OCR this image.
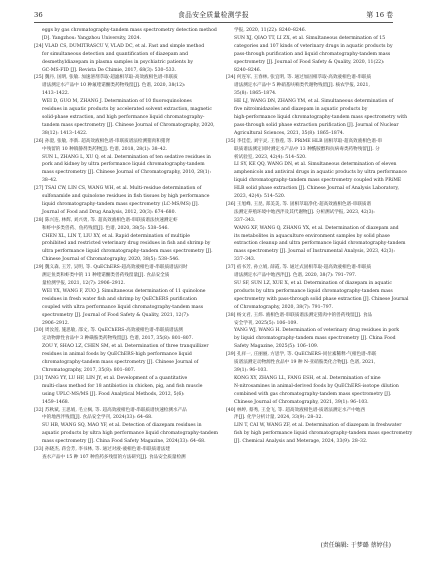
36	食品安全质量检测学报	第 16 卷
eggs by gas chromatography-tandem mass spectrometry detection method
[D]. Yangzhou: Yangzhou University, 2024.
[24] VLAD CS, DUMITRASCU V, VLAD DC, et al. Fast and simple method
for simultaneous detection and quantification of diazepam and
desmethyldiazepam in plasma samples in psychiatric patients by
GC-MS-FID [J]. Revista De Chimie, 2017, 68(3): 530–533.
[25] 魏丹, 国明, 张敏. 加速溶剂萃取-超滤相萃取-高效液相色谱-串联质
谱法测定水产品中 10 种氟喹诺酮类药物残留[J]. 色谱, 2020, 38(12):
1413–1422.
WEI D, GUO M, ZHANG J. Determination of 10 fluoroquinolones
residues in aquatic products by accelerated solvent extraction, magnetic
solid-phase extraction, and high performance liquid chromatography-
tandem mass spectrometry [J]. Chinese Journal of Chromatography, 2020,
38(12): 1413–1422.
[26] 孙澄, 张敏, 李新. 超高效液相色谱-串联质谱法检测猪肉和猪肾
中残留的 10 种镇静剂类药物[J]. 色谱, 2018, 28(1): 38–42.
SUN L, ZHANG L, XU Q, et al. Determination of ten sedative residues in
pork and kidney by ultra performance liquid chromatography-tandem
mass spectrometry [J]. Chinese Journal of Chromatography, 2010, 28(1):
38–42.
[27] TSAI CW, LIN CS, WANG WH, et al. Multi-residue determination of
sulfonamide and quinolone residues in fish tissues by high performance
liquid chromatography-tandem mass spectrometry (LC-MS/MS) [J].
Journal of Food and Drug Analysis, 2012, 20(3): 674–680.
[28] 陈兴连, 林辉, 刘兴勇, 等. 超高效液相色谱-串联质谱法快速测定虾
和虾中多类兽药、鱼药残留[J]. 色谱, 2020, 38(5): 538–546.
CHEN XL, LIN T, LIU XY, et al. Rapid determination of multiple
prohibited and restricted veterinary drug residues in fish and shrimp by
ultra performance liquid chromatography-tandem mass spectrometry [J].
Chinese Journal of Chromatography, 2020, 38(5): 538–546.
[29] 魏义森, 王芳, 吴明, 等. QuEChERS-超高效液相色谱-串联质谱法同时
测定鱼类和虾类中的 11 种喹诺酮类兽药残留量[J]. 食品安全质
量检测学报, 2021, 12(7): 2906–2912.
WEI YX, WANG F, ZUO J. Simultaneous determination of 11 quinolone
residues in fresh water fish and shrimp by QuEChERS purification
coupled with ultra performance liquid chromatography-tandem mass
spectrometry [J]. Journal of Food Safety & Quality, 2021, 12(7):
2906–2912.
[30] 周汝莲, 施思敏, 邵文, 等. QuEChERS-高效液相色谱-串联质谱法测
定动物源性食品中 3 种磺胺类药物残留[J]. 色谱, 2017, 35(8): 801–807.
ZOU Y, SHAO LZ, CHEN SM, et al. Determination of three tranquillizer
residues in animal foods by QuEChERS-high performance liquid
chromatography-tandem mass spectrometry [J]. Chinese Journal of
Chromatography, 2017, 35(8): 801–807.
[31] TANG YY, LU HF, LIN JY, et al. Development of a quantitative
multi-class method for 18 antibiotics in chicken, pig, and fish muscle
using UPLC-MS/MS [J]. Food Analytical Methods, 2012, 5(6):
1459–1468.
[32] 苏秋斌, 王思娟, 毛立枫, 等. 超高效液相色谱-串联质谱快速检测水产品
中的地西泮残留[J]. 食品安全学刊, 2024(33): 64–68.
SU HB, WANG SQ, MAO YF, et al. Detection of diazepam residues in
aquatic products by ultra high performance liquid chromatography-tandem
mass spectrometry [J]. China Food Safety Magazine, 2024(33): 64–68.
[33] 孙晓杰, 蒋会芳, 李书林, 等. 通过对液-液相色谱-串联质谱法建
查水产品中 15 种 107 种兽药多残留的方法研究[J]. 食品安全质量检测
学报, 2020, 11(22): 8240–8246.
SUN XJ, QIAO TT, LI ZX, et al. Simultaneous determination of 15
categories and 107 kinds of veterinary drugs in aquatic products by
pass-through purification and liquid chromatography-tandem mass
spectrometry [J]. Journal of Food Safety & Quality, 2020, 11(22):
8240–8246.
[34] 何连军, 王春林, 张宜明, 等. 通过加固相萃取-高效液相色谱-串联质
谱法测定水产品中 5 种硝基呋喃类代谢物残留[J]. 核农学报, 2021,
35(8): 1865–1874.
HE LJ, WANG DN, ZHANG YM, et al. Simultaneous determination of
five nitroimidazoles and diazepam in aquatic products by
high-performance liquid chromatography-tandem mass spectrometry with
pass-through solid phase extraction purification [J]. Journal of Nuclear
Agricultural Sciences, 2021, 35(8): 1865–1874.
[35] 李佳佳, 刘宇灵, 王春莲, 等. PRiME HLB 固相萃取-超高效液相色谱-串
联质谱法测定同时测定水产品中 13 种酰胺醇和抗病毒类药物残留[J]. 分
析试验室, 2023, 42(4): 514–520.
LI SY, KE QQ, WANG DN, et al. Simultaneous determination of eleven
amphenicols and antiviral drugs in aquatic products by ultra performance
liquid chromatography-tandem mass spectrometry coupled with PRiME
HLB solid phase extraction [J]. Chinese Journal of Analysis Laboratory,
2023, 42(4): 514–520.
[36] 王旭峰, 王昆, 郑美美, 等. 固相萃取净化-超高效液相色谱-串联质谱
法测定养殖环境中地西泮及其代谢物[J]. 分析测试学报, 2023, 42(3):
337–343.
WANG XF, WANG Q, ZHANG YX, et al. Determination of diazepam and
its metabolites in aquaculture environment samples by solid phase
extraction cleanup and ultra performance liquid chromatography-tandem
mass spectrometry [J]. Journal of Instrumental Analysis, 2023, 42(3):
337–343.
[37] 宿书芳, 孙立娟, 薛霞, 等. 通过式固相萃取-超高效液相色谱-串联质
谱法测定水产品中地西泮[J]. 色谱, 2020, 38(7): 791–797.
SU SF, SUN LZ, XUE X, et al. Determination of diazepam in aquatic
products by ultra performance liquid chromatography-tandem mass
spectrometry with pass-through solid phase extraction [J]. Chinese Journal
of Chromatography, 2020, 38(7): 791–797.
[38] 杨文君, 王炜. 液相色谱-串联质谱法测定猪肉中的兽药残留[J]. 食品
安全学刊, 2025(5): 106–109.
YANG WJ, WANG H. Determination of veterinary drug residues in pork
by liquid chromatography-tandem mass spectrometry [J]. China Food
Safety Magazine, 2025(5): 106–109.
[39] 孔祥一, 庄丽丽, 方思学, 等. QuEChERS-同位素稀释-气相色谱-串联
质谱法测定动物源性食品中 19 种 N-亚硝胺类化合物[J]. 色谱, 2021,
39(1): 96–103.
KONG XY, ZHANG LL, FANG ESH, et al. Determination of nine
N-nitrosamines in animal-derived foods by QuEChERS-isotope dilution
combined with gas chromatography-tandem mass spectrometry [J].
Chinese Journal of Chromatography, 2021, 39(1): 96–103.
[40] 林婷, 蔡秀, 王金飞, 等. 超高效液相色谱-质谱法测定水产中地西
泮[J]. 化学分析计量, 2024, 33(9): 28–32.
LIN T, CAI W, WANG ZF, et al. Determination of diazepam in freshwater
fish by high performance liquid chromatography-tandem mass spectrometry
[J]. Chemical Analysis and Meterage, 2024, 33(9): 28–32.
(责任编辑: 于梦璐 蔡婷佳)
